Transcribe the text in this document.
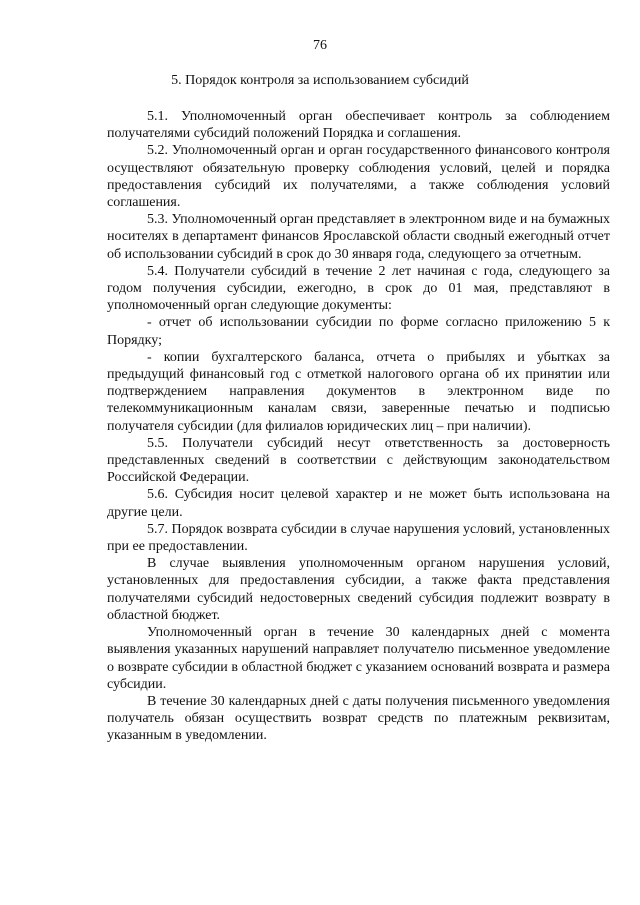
76

5. Порядок контроля за использованием субсидий

5.1. Уполномоченный орган обеспечивает контроль за соблюдением получателями субсидий положений Порядка и соглашения.

5.2. Уполномоченный орган и орган государственного финансового контроля осуществляют обязательную проверку соблюдения условий, целей и порядка предоставления субсидий их получателями, а также соблюдения условий соглашения.

5.3. Уполномоченный орган представляет в электронном виде и на бумажных носителях в департамент финансов Ярославской области сводный ежегодный отчет об использовании субсидий в срок до 30 января года, следующего за отчетным.

5.4. Получатели субсидий в течение 2 лет начиная с года, следующего за годом получения субсидии, ежегодно, в срок до 01 мая, представляют в уполномоченный орган следующие документы:

- отчет об использовании субсидии по форме согласно приложению 5 к Порядку;

- копии бухгалтерского баланса, отчета о прибылях и убытках за предыдущий финансовый год с отметкой налогового органа об их принятии или подтверждением направления документов в электронном виде по телекоммуникационным каналам связи, заверенные печатью и подписью получателя субсидии (для филиалов юридических лиц – при наличии).

5.5. Получатели субсидий несут ответственность за достоверность представленных сведений в соответствии с действующим законодательством Российской Федерации.

5.6. Субсидия носит целевой характер и не может быть использована на другие цели.

5.7. Порядок возврата субсидии в случае нарушения условий, установленных при ее предоставлении.

В случае выявления уполномоченным органом нарушения условий, установленных для предоставления субсидии, а также факта представления получателями субсидий недостоверных сведений субсидия подлежит возврату в областной бюджет.

Уполномоченный орган в течение 30 календарных дней с момента выявления указанных нарушений направляет получателю письменное уведомление о возврате субсидии в областной бюджет с указанием оснований возврата и размера субсидии.

В течение 30 календарных дней с даты получения письменного уведомления получатель обязан осуществить возврат средств по платежным реквизитам, указанным в уведомлении.
